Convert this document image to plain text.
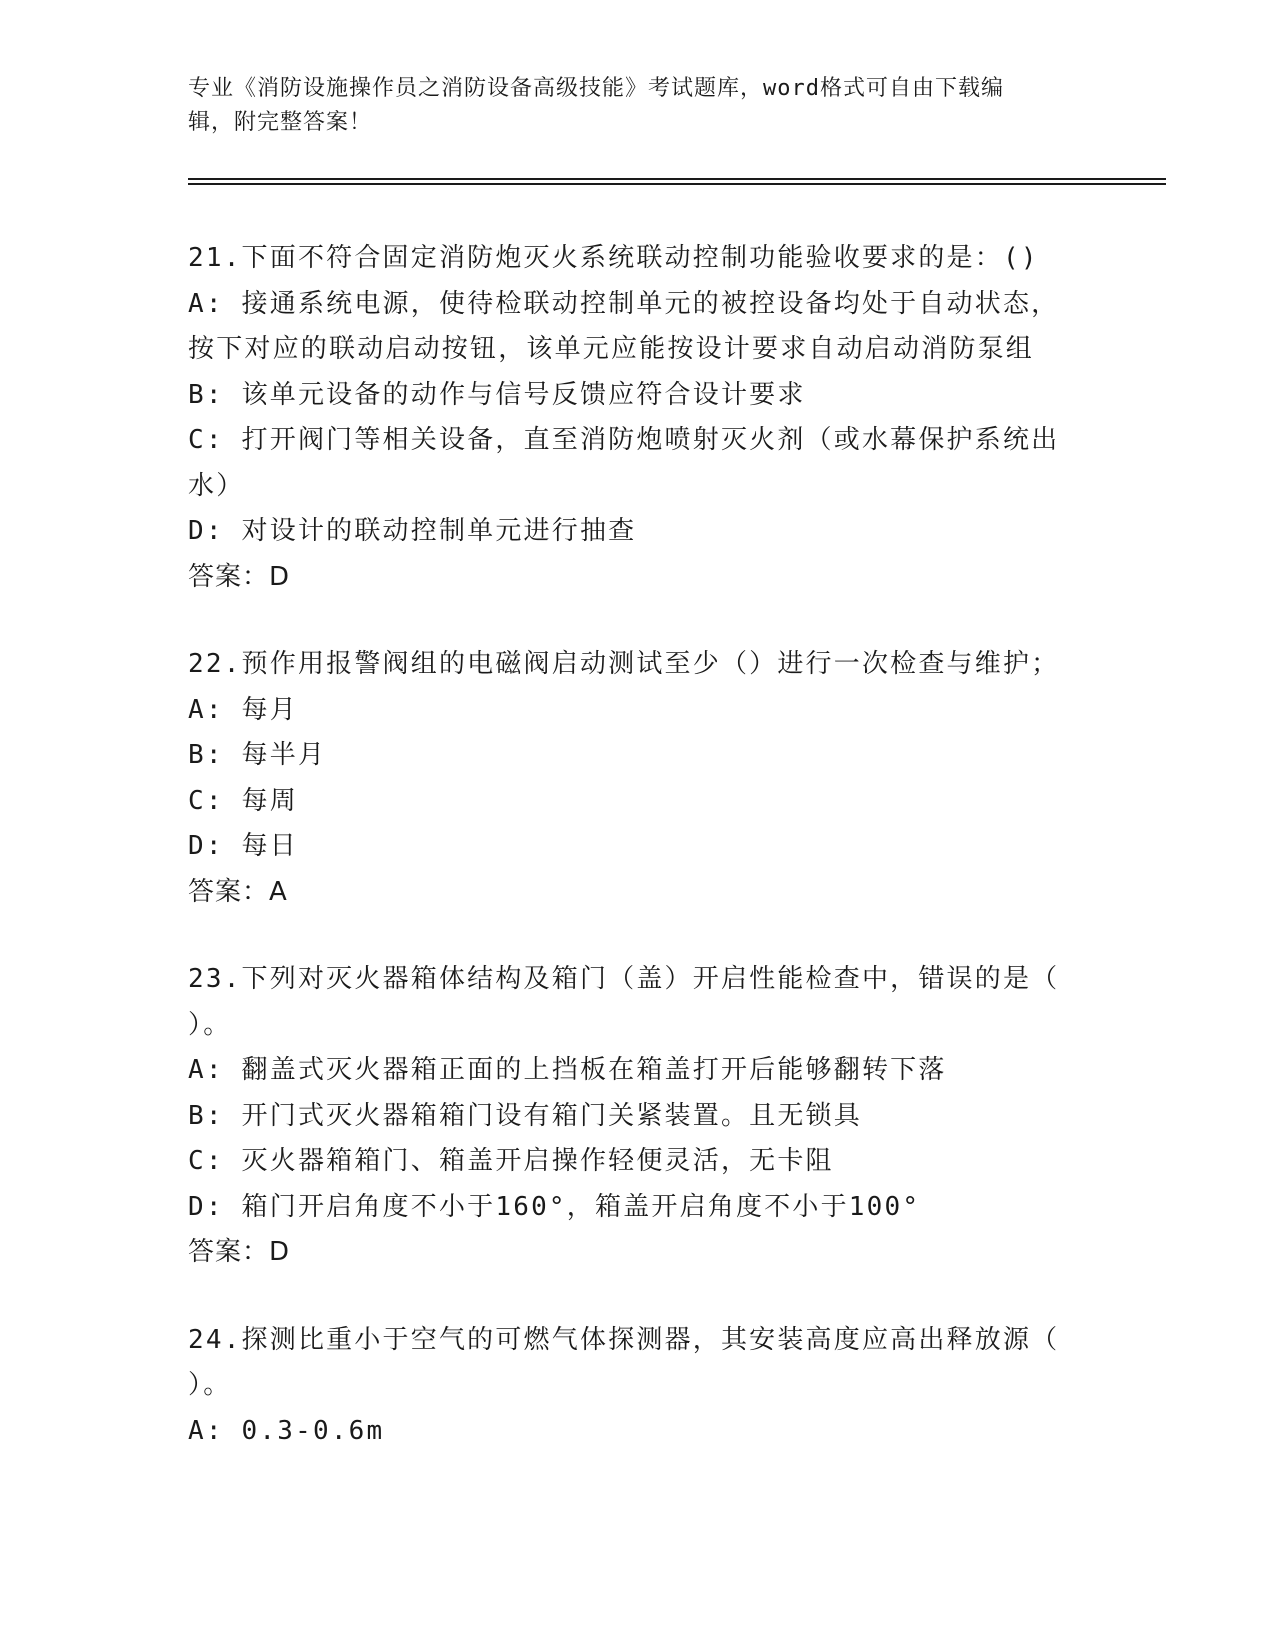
专业《消防设施操作员之消防设备高级技能》考试题库，word格式可自由下载编
辑，附完整答案！

21.下面不符合固定消防炮灭火系统联动控制功能验收要求的是：()

A: 接通系统电源，使待检联动控制单元的被控设备均处于自动状态，

按下对应的联动启动按钮，该单元应能按设计要求自动启动消防泵组

B: 该单元设备的动作与信号反馈应符合设计要求

C: 打开阀门等相关设备，直至消防炮喷射灭火剂（或水幕保护系统出

水）

D: 对设计的联动控制单元进行抽查

答案：D

22.预作用报警阀组的电磁阀启动测试至少（）进行一次检查与维护；

A: 每月

B: 每半月

C: 每周

D: 每日

答案：A

23.下列对灭火器箱体结构及箱门（盖）开启性能检查中，错误的是（

）。

A: 翻盖式灭火器箱正面的上挡板在箱盖打开后能够翻转下落

B: 开门式灭火器箱箱门设有箱门关紧装置。且无锁具

C: 灭火器箱箱门、箱盖开启操作轻便灵活，无卡阻

D: 箱门开启角度不小于160°，箱盖开启角度不小于100°

答案：D

24.探测比重小于空气的可燃气体探测器，其安装高度应高出释放源（

）。

A: 0.3-0.6m
